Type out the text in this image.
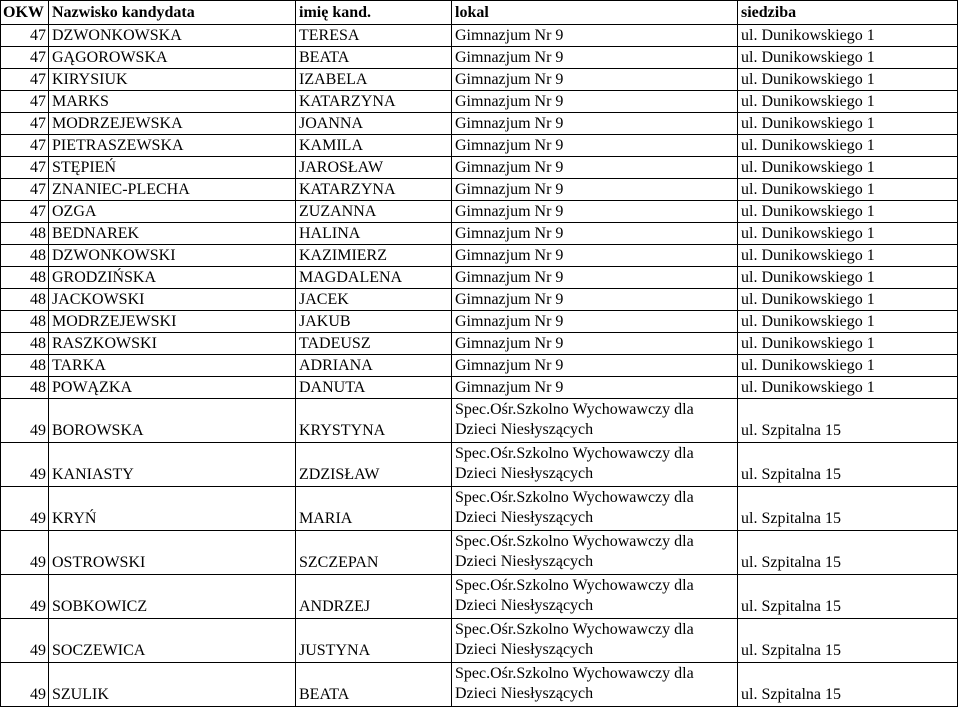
OKW	Nazwisko kandydata	imię kand.	lokal	siedziba
47	DZWONKOWSKA	TERESA	Gimnazjum Nr 9	ul. Dunikowskiego 1
47	GĄGOROWSKA	BEATA	Gimnazjum Nr 9	ul. Dunikowskiego 1
47	KIRYSIUK	IZABELA	Gimnazjum Nr 9	ul. Dunikowskiego 1
47	MARKS	KATARZYNA	Gimnazjum Nr 9	ul. Dunikowskiego 1
47	MODRZEJEWSKA	JOANNA	Gimnazjum Nr 9	ul. Dunikowskiego 1
47	PIETRASZEWSKA	KAMILA	Gimnazjum Nr 9	ul. Dunikowskiego 1
47	STĘPIEŃ	JAROSŁAW	Gimnazjum Nr 9	ul. Dunikowskiego 1
47	ZNANIEC-PLECHA	KATARZYNA	Gimnazjum Nr 9	ul. Dunikowskiego 1
47	OZGA	ZUZANNA	Gimnazjum Nr 9	ul. Dunikowskiego 1
48	BEDNAREK	HALINA	Gimnazjum Nr 9	ul. Dunikowskiego 1
48	DZWONKOWSKI	KAZIMIERZ	Gimnazjum Nr 9	ul. Dunikowskiego 1
48	GRODZIŃSKA	MAGDALENA	Gimnazjum Nr 9	ul. Dunikowskiego 1
48	JACKOWSKI	JACEK	Gimnazjum Nr 9	ul. Dunikowskiego 1
48	MODRZEJEWSKI	JAKUB	Gimnazjum Nr 9	ul. Dunikowskiego 1
48	RASZKOWSKI	TADEUSZ	Gimnazjum Nr 9	ul. Dunikowskiego 1
48	TARKA	ADRIANA	Gimnazjum Nr 9	ul. Dunikowskiego 1
48	POWĄZKA	DANUTA	Gimnazjum Nr 9	ul. Dunikowskiego 1
49	BOROWSKA	KRYSTYNA	Spec.Ośr.Szkolno Wychowawczy dla
Dzieci Niesłyszących	ul. Szpitalna 15
49	KANIASTY	ZDZISŁAW	Spec.Ośr.Szkolno Wychowawczy dla
Dzieci Niesłyszących	ul. Szpitalna 15
49	KRYŃ	MARIA	Spec.Ośr.Szkolno Wychowawczy dla
Dzieci Niesłyszących	ul. Szpitalna 15
49	OSTROWSKI	SZCZEPAN	Spec.Ośr.Szkolno Wychowawczy dla
Dzieci Niesłyszących	ul. Szpitalna 15
49	SOBKOWICZ	ANDRZEJ	Spec.Ośr.Szkolno Wychowawczy dla
Dzieci Niesłyszących	ul. Szpitalna 15
49	SOCZEWICA	JUSTYNA	Spec.Ośr.Szkolno Wychowawczy dla
Dzieci Niesłyszących	ul. Szpitalna 15
49	SZULIK	BEATA	Spec.Ośr.Szkolno Wychowawczy dla
Dzieci Niesłyszących	ul. Szpitalna 15
